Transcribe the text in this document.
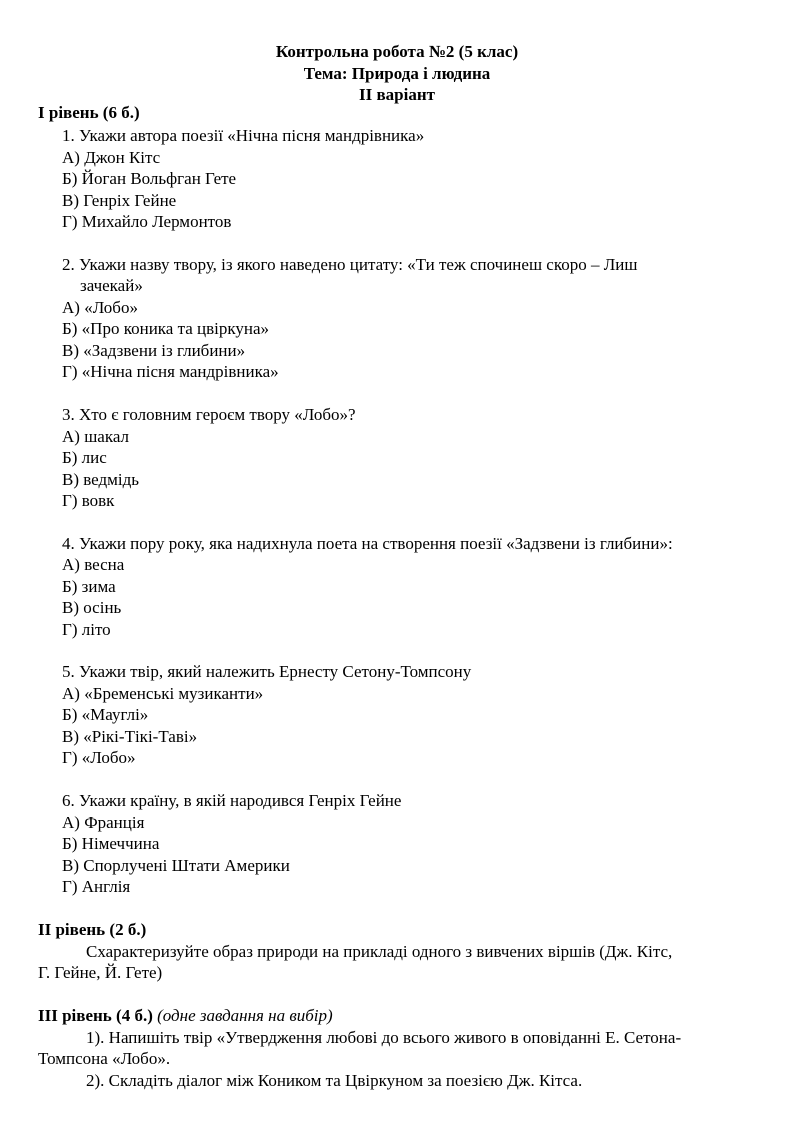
Контрольна робота №2 (5 клас)
Тема: Природа і людина
ІІ варіант
І рівень (6 б.)
1. Укажи автора поезії «Нічна пісня мандрівника»
А) Джон Кітс
Б) Йоган Вольфган Гете
В) Генріх Гейне
Г) Михайло Лермонтов
2. Укажи назву твору, із якого наведено цитату: «Ти теж спочинеш скоро – Лиш
зачекай»
А) «Лобо»
Б) «Про коника та цвіркуна»
В) «Задзвени із глибини»
Г) «Нічна пісня мандрівника»
3. Хто є головним героєм твору «Лобо»?
А) шакал
Б) лис
В) ведмідь
Г) вовк
4. Укажи пору року, яка надихнула поета на створення поезії «Задзвени із глибини»:
А) весна
Б) зима
В) осінь
Г) літо
5. Укажи твір, який належить Ернесту Сетону-Томпсону
А) «Бременські музиканти»
Б) «Мауглі»
В) «Рікі-Тікі-Таві»
Г) «Лобо»
6. Укажи країну, в якій народився Генріх Гейне
А) Франція
Б) Німеччина
В) Спорлучені Штати Америки
Г) Англія
ІІ рівень (2 б.)
Схарактеризуйте образ природи на прикладі одного з вивчених віршів (Дж. Кітс,
Г. Гейне, Й. Гете)
ІІІ рівень (4 б.) (одне завдання на вибір)
1). Напишіть твір «Утвердження любові до всього живого в оповіданні Е. Сетона-
Томпсона «Лобо».
2). Складіть діалог між Коником та Цвіркуном за поезією Дж. Кітса.
